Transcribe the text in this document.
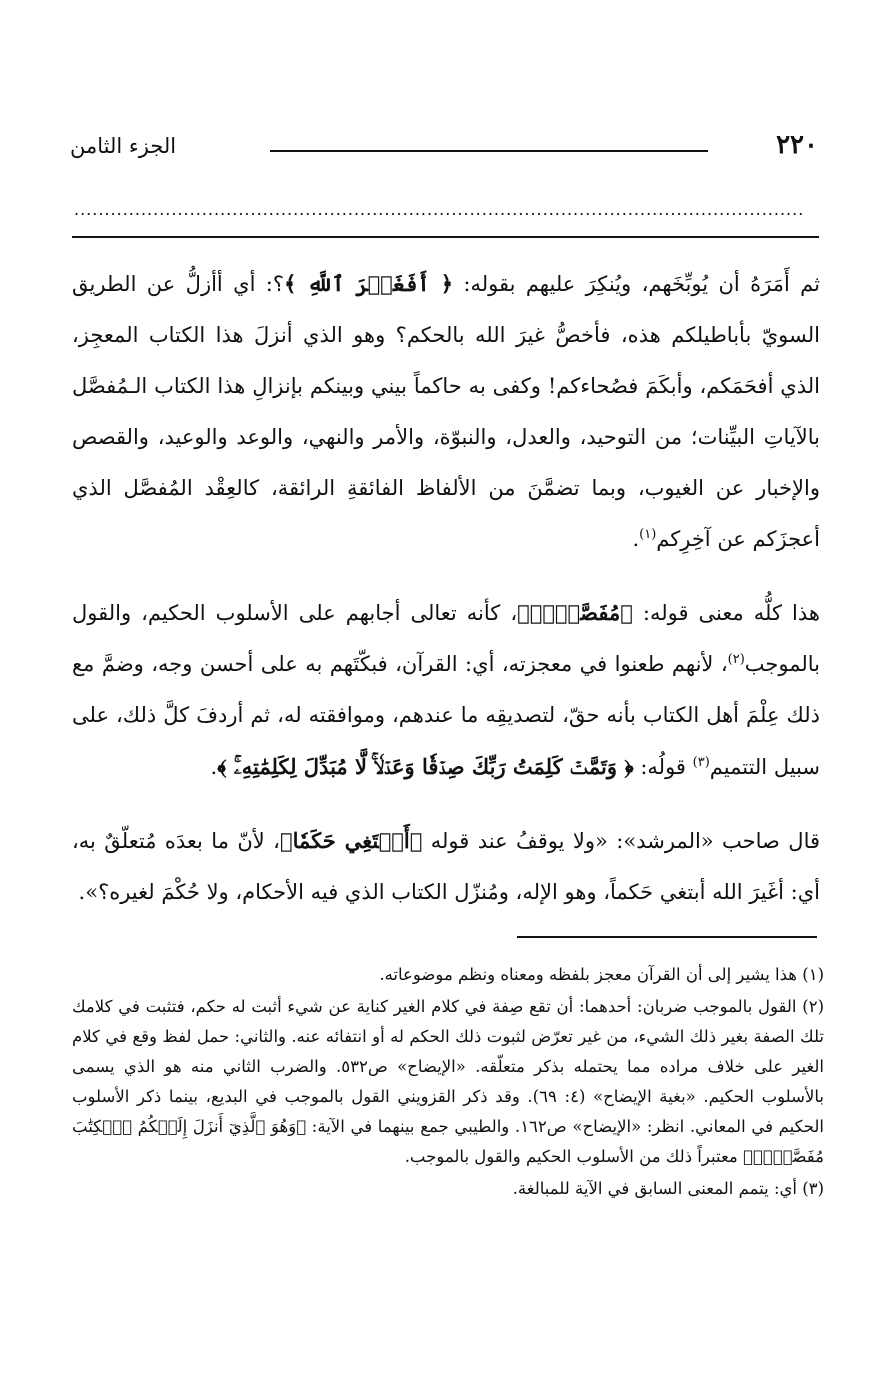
٢٢٠
الجزء الثامن
........................................................................................................................

ثم أَمَرَهُ أن يُوبِّخَهم، ويُنكِرَ عليهم بقوله: ﴿ أَفَغَيۡرَ ٱللَّهِ ﴾؟: أي أأزلُّ عن الطريق السويّ بأباطيلكم هذه، فأخصُّ غيرَ الله بالحكم؟ وهو الذي أنزلَ هذا الكتاب المعجِز، الذي أفحَمَكم، وأبكَمَ فصُحاءكم! وكفى به حاكماً بيني وبينكم بإنزالِ هذا الكتاب الـمُفصَّل بالآياتِ البيِّنات؛ من التوحيد، والعدل، والنبوّة، والأمر والنهي، والوعد والوعيد، والقصص والإخبار عن الغيوب، وبما تضمَّنَ من الألفاظ الفائقةِ الرائقة، كالعِقْد المُفصَّل الذي أعجزَكم عن آخِرِكم$^{(١)}$.

هذا كلُّه معنى قوله: ﴿مُفَصَّلًاۚ﴾، كأنه تعالى أجابهم على الأسلوب الحكيم، والقول بالموجب$^{(٢)}$، لأنهم طعنوا في معجزته، أي: القرآن، فبكّتَهم به على أحسن وجه، وضمَّ مع ذلك عِلْمَ أهل الكتاب بأنه حقّ، لتصديقِه ما عندهم، وموافقته له، ثم أردفَ كلَّ ذلك، على سبيل التتميم$^{(٣)}$ قولُه: ﴿ وَتَمَّتۡ كَلِمَتُ رَبِّكَ صِدۡقٗا وَعَدۡلٗاۚ لَّا مُبَدِّلَ لِكَلِمَٰتِهِۦۚ ﴾.

قال صاحب «المرشد»: «ولا يوقفُ عند قوله ﴿أَبۡتَغِي حَكَمٗا﴾، لأنّ ما بعدَه مُتعلّقٌ به، أي: أغَيرَ الله أبتغي حَكماً، وهو الإله، ومُنزّل الكتاب الذي فيه الأحكام، ولا حُكْمَ لغيره؟».

(١) هذا يشير إلى أن القرآن معجز بلفظه ومعناه ونظم موضوعاته.

(٢) القول بالموجب ضربان: أحدهما: أن تقع صِفة في كلام الغير كناية عن شيء أثبت له حكم، فتثبت في كلامك تلك الصفة بغير ذلك الشيء، من غير تعرّض لثبوت ذلك الحكم له أو انتفائه عنه. والثاني: حمل لفظ وقع في كلام الغير على خلاف مراده مما يحتمله بذكر متعلّقه. «الإيضاح» ص٥٣٢. والضرب الثاني منه هو الذي يسمى بالأسلوب الحكيم. «بغية الإيضاح» (٤: ٦٩). وقد ذكر القزويني القول بالموجب في البديع، بينما ذكر الأسلوب الحكيم في المعاني. انظر: «الإيضاح» ص١٦٢. والطيبي جمع بينهما في الآية: ﴿وَهُوَ ٱلَّذِيٓ أَنزَلَ إِلَيۡكُمُ ٱلۡكِتَٰبَ مُفَصَّلٗاۚ﴾ معتبراً ذلك من الأسلوب الحكيم والقول بالموجب.

(٣) أي: يتمم المعنى السابق في الآية للمبالغة.
